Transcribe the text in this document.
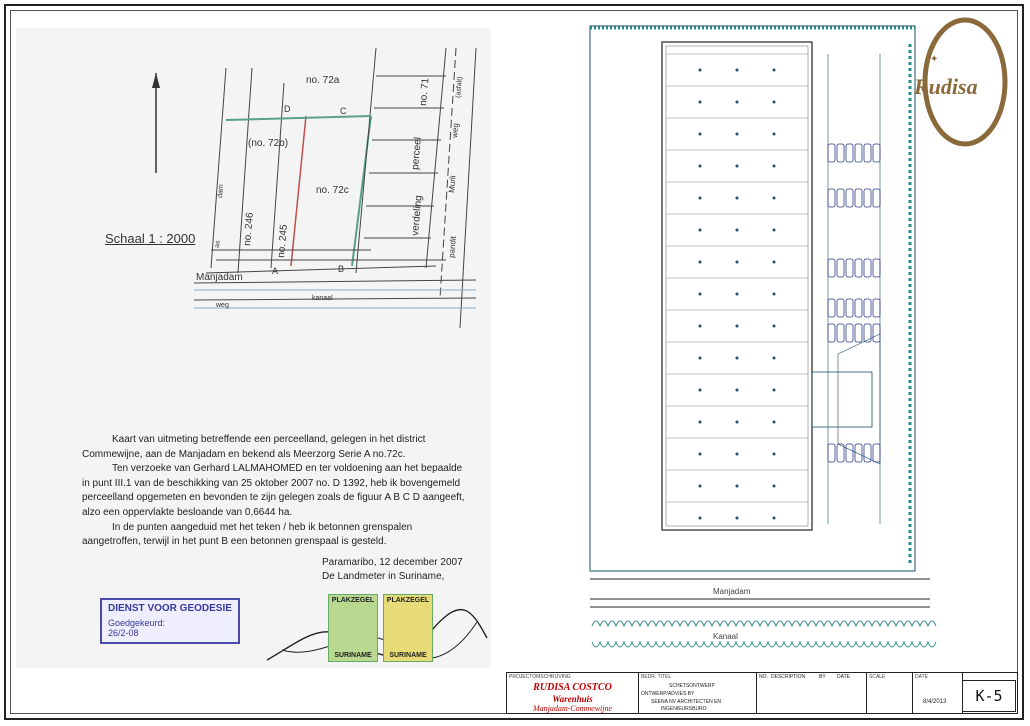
no. 72a
(no. 72b)
no. 72c
no. 246 no. 245
no. 71
perceel
verdeling
Manjadam
kanaal
weg
Murli
pandit
weg
(asfalt)
dam
as
A	B
C
D
Schaal 1 : 2000

Kaart van uitmeting betreffende een perceelland, gelegen in het district

Commewijne, aan de Manjadam en bekend als Meerzorg Serie A no.72c.

Ten verzoeke van Gerhard LALMAHOMED en ter voldoening aan het bepaalde

in punt III.1 van de beschikking van 25 oktober 2007 no. D 1392, heb ik bovengemeld

perceelland opgemeten en bevonden te zijn gelegen zoals de figuur A B C D aangeeft,

alzo een oppervlakte besloande van 0,6644 ha.

In de punten aangeduid met het teken / heb ik betonnen grenspalen

aangetroffen, terwijl in het punt B een betonnen grenspaal is gesteld.

Paramaribo, 12 december 2007
De Landmeter in Suriname,
DIENST VOOR GEODESIE
Goedgekeurd:
26/2-08
PLAKZEGEL
SURINAME
PLAKZEGEL
SURINAME
Manjadam
Kanaal
Rudisa
✦
PROJECTOMSCHRIJVING
RUDISA COSTCO
Warenhuis
Manjadam-Commewijne
BEDR. TITEL
SCHETSONTWERP
ONTWERP/ADVIES BY
SEENA NV ARCHITECTEN EN
INGENIEURSBURO
NO. DESCRIPTION	BY DATE	SCALE	DATE
8/4/2013	K-5
